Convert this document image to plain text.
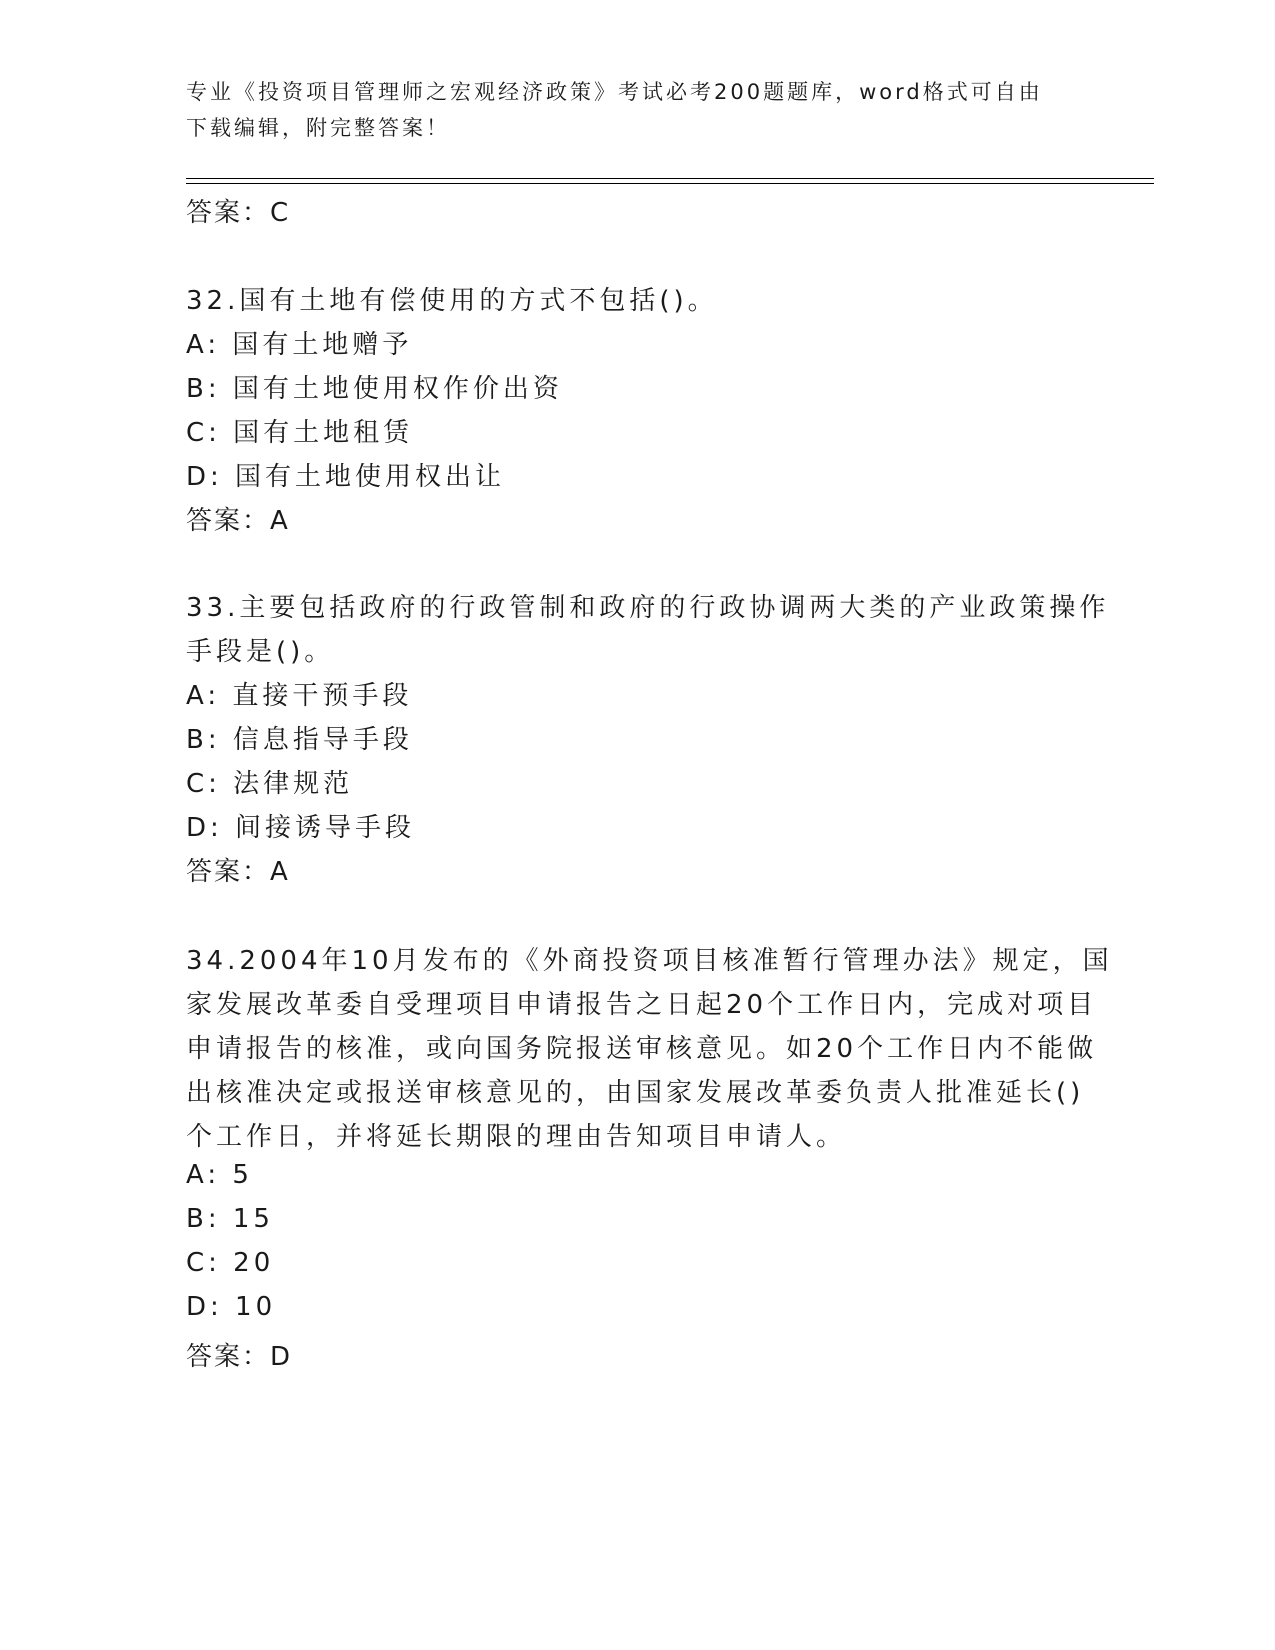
专业《投资项目管理师之宏观经济政策》考试必考200题题库，word格式可自由
下载编辑，附完整答案！
答案：C
32.国有土地有偿使用的方式不包括()。
A: 国有土地赠予
B: 国有土地使用权作价出资
C: 国有土地租赁
D: 国有土地使用权出让
答案：A
33.主要包括政府的行政管制和政府的行政协调两大类的产业政策操作
手段是()。
A: 直接干预手段
B: 信息指导手段
C: 法律规范
D: 间接诱导手段
答案：A
34.2004年10月发布的《外商投资项目核准暂行管理办法》规定，国
家发展改革委自受理项目申请报告之日起20个工作日内，完成对项目
申请报告的核准，或向国务院报送审核意见。如20个工作日内不能做
出核准决定或报送审核意见的，由国家发展改革委负责人批准延长()
个工作日，并将延长期限的理由告知项目申请人。
A: 5
B: 15
C: 20
D: 10
答案：D
